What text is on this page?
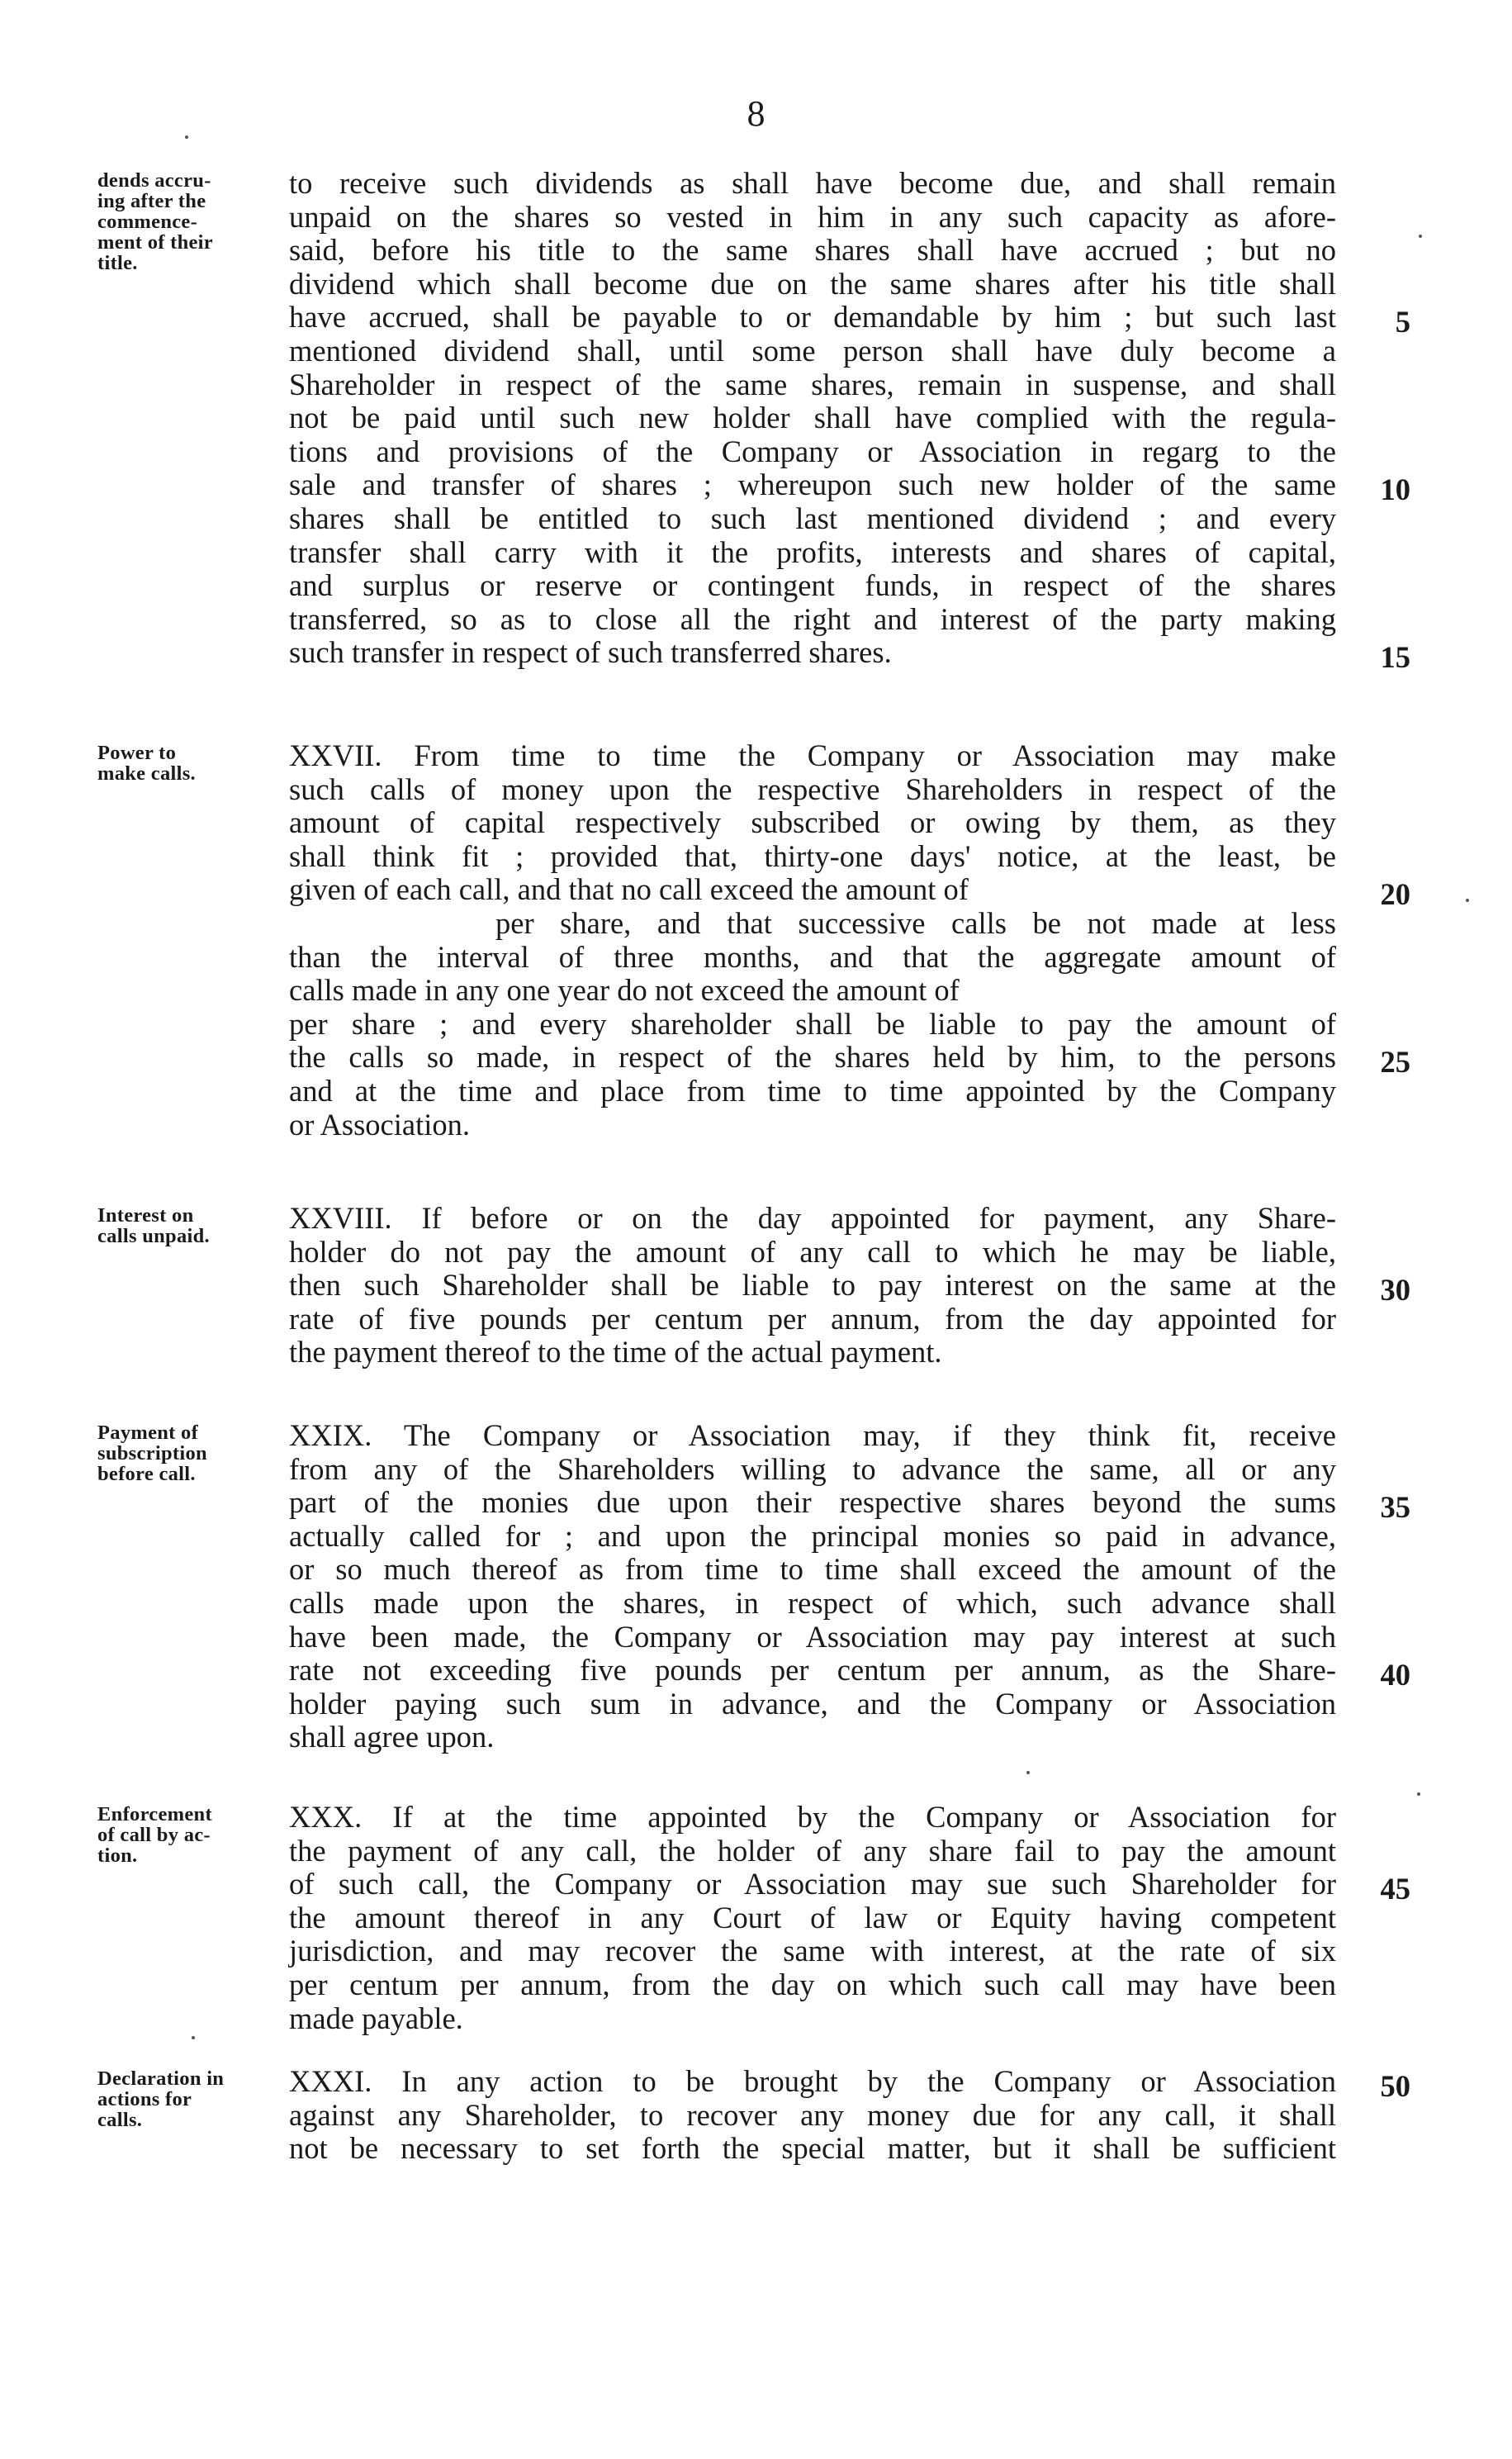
8
dends accru-
ing after the
commence-
ment of their
title.
to receive such dividends as shall have become due, and shall remain
unpaid on the shares so vested in him in any such capacity as afore-
said, before his title to the same shares shall have accrued ; but no
dividend which shall become due on the same shares after his title shall
have accrued, shall be payable to or demandable by him ; but such last	5
mentioned dividend shall, until some person shall have duly become a
Shareholder in respect of the same shares, remain in suspense, and shall
not be paid until such new holder shall have complied with the regula-
tions and provisions of the Company or Association in regarg to the
sale and transfer of shares ; whereupon such new holder of the same	10
shares shall be entitled to such last mentioned dividend ; and every
transfer shall carry with it the profits, interests and shares of capital,
and surplus or reserve or contingent funds, in respect of the shares
transferred, so as to close all the right and interest of the party making
such transfer in respect of such transferred shares.	15
Power to
make calls.
XXVII. From time to time the Company or Association may make
such calls of money upon the respective Shareholders in respect of the
amount of capital respectively subscribed or owing by them, as they
shall think fit ; provided that, thirty-one days' notice, at the least, be
given of each call, and that no call exceed the amount of	20
per share, and that successive calls be not made at less
than the interval of three months, and that the aggregate amount of
calls made in any one year do not exceed the amount of
per share ; and every shareholder shall be liable to pay the amount of
the calls so made, in respect of the shares held by him, to the persons	25
and at the time and place from time to time appointed by the Company
or Association.
Interest on
calls unpaid.
XXVIII. If before or on the day appointed for payment, any Share-
holder do not pay the amount of any call to which he may be liable,
then such Shareholder shall be liable to pay interest on the same at the	30
rate of five pounds per centum per annum, from the day appointed for
the payment thereof to the time of the actual payment.
Payment of
subscription
before call.
XXIX. The Company or Association may, if they think fit, receive
from any of the Shareholders willing to advance the same, all or any
part of the monies due upon their respective shares beyond the sums	35
actually called for ; and upon the principal monies so paid in advance,
or so much thereof as from time to time shall exceed the amount of the
calls made upon the shares, in respect of which, such advance shall
have been made, the Company or Association may pay interest at such
rate not exceeding five pounds per centum per annum, as the Share-	40
holder paying such sum in advance, and the Company or Association
shall agree upon.
Enforcement
of call by ac-
tion.
XXX. If at the time appointed by the Company or Association for
the payment of any call, the holder of any share fail to pay the amount
of such call, the Company or Association may sue such Shareholder for	45
the amount thereof in any Court of law or Equity having competent
jurisdiction, and may recover the same with interest, at the rate of six
per centum per annum, from the day on which such call may have been
made payable.
Declaration in
actions for
calls.
XXXI. In any action to be brought by the Company or Association	50
against any Shareholder, to recover any money due for any call, it shall
not be necessary to set forth the special matter, but it shall be sufficient
